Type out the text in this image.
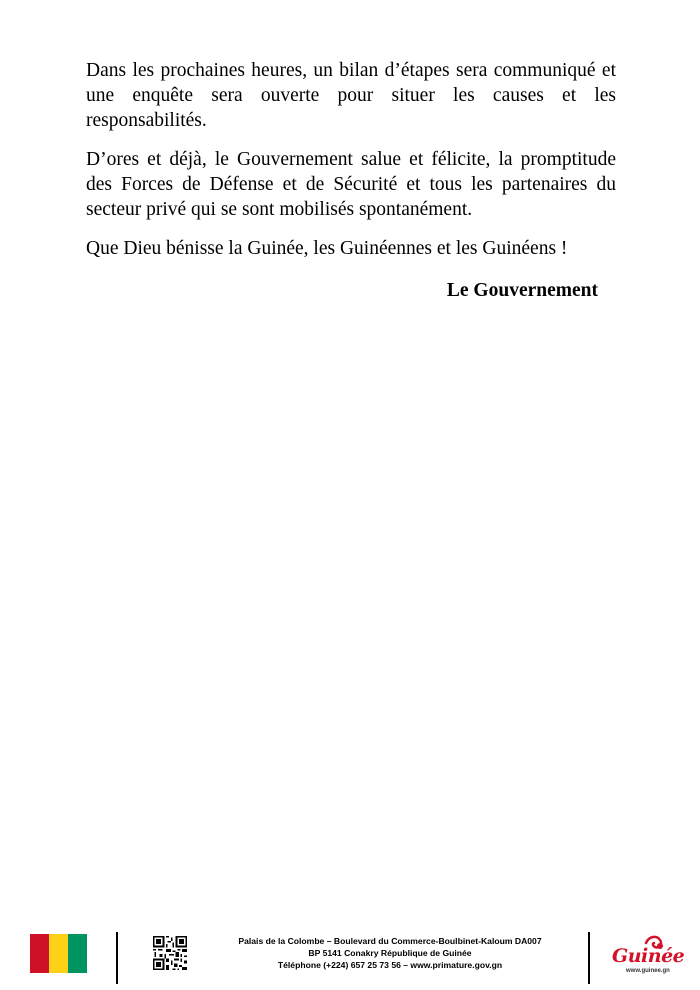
Dans les prochaines heures, un bilan d’étapes sera communiqué et une enquête sera ouverte pour situer les causes et les responsabilités.

D’ores et déjà, le Gouvernement salue et félicite, la promptitude des Forces de Défense et de Sécurité et tous les partenaires du secteur privé qui se sont mobilisés spontanément.

Que Dieu bénisse la Guinée, les Guinéennes et les Guinéens !

Le Gouvernement
Palais de la Colombe – Boulevard du Commerce-Boulbinet-Kaloum DA007
BP 5141 Conakry République de Guinée
Téléphone (+224) 657 25 73 56 – www.primature.gov.gn	Guinée
www.guinee.gn
